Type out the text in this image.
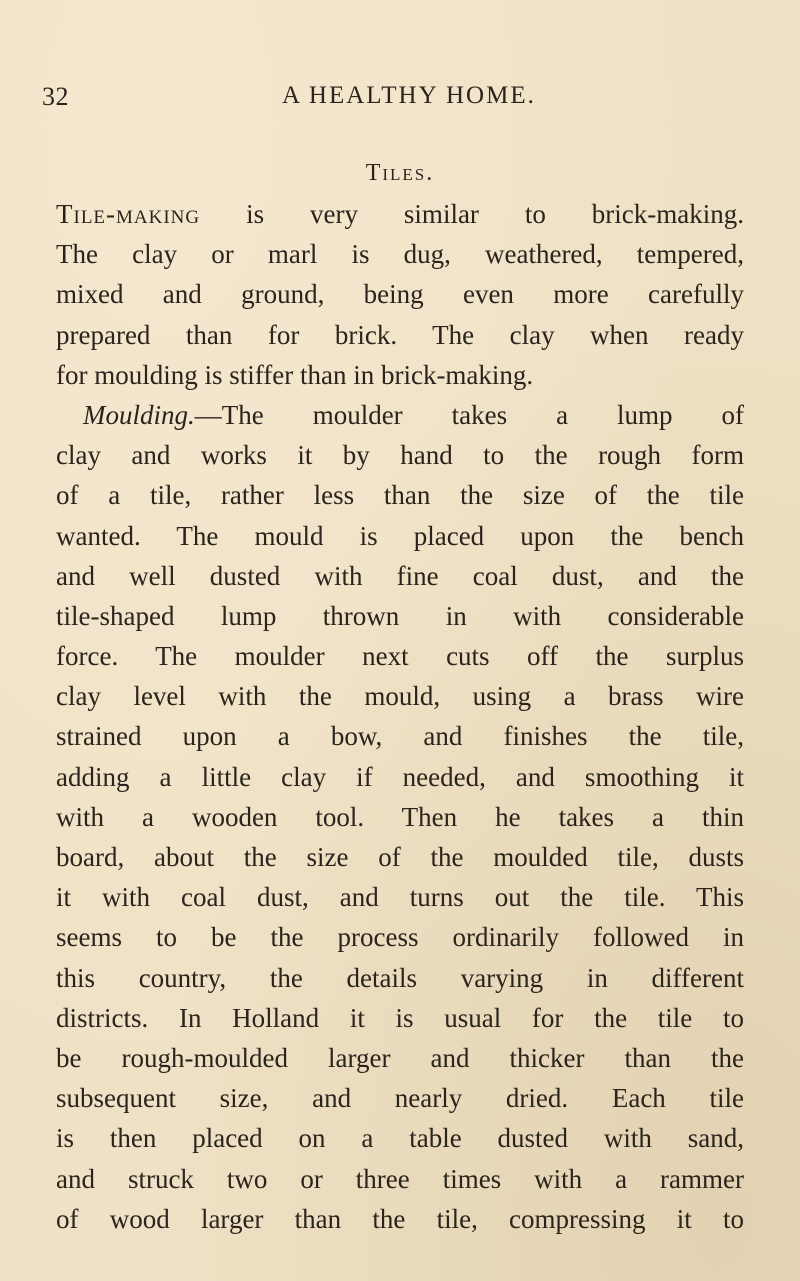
32	A HEALTHY HOME.
Tiles.
Tile-making is very similar to brick-making.
The clay or marl is dug, weathered, tempered,
mixed and ground, being even more carefully
prepared than for brick. The clay when ready
for moulding is stiffer than in brick-making.
 Moulding.—The moulder takes a lump of
clay and works it by hand to the rough form
of a tile, rather less than the size of the tile
wanted. The mould is placed upon the bench
and well dusted with fine coal dust, and the
tile-shaped lump thrown in with considerable
force. The moulder next cuts off the surplus
clay level with the mould, using a brass wire
strained upon a bow, and finishes the tile,
adding a little clay if needed, and smoothing it
with a wooden tool. Then he takes a thin
board, about the size of the moulded tile, dusts
it with coal dust, and turns out the tile. This
seems to be the process ordinarily followed in
this country, the details varying in different
districts. In Holland it is usual for the tile to
be rough-moulded larger and thicker than the
subsequent size, and nearly dried. Each tile
is then placed on a table dusted with sand,
and struck two or three times with a rammer
of wood larger than the tile, compressing it to
